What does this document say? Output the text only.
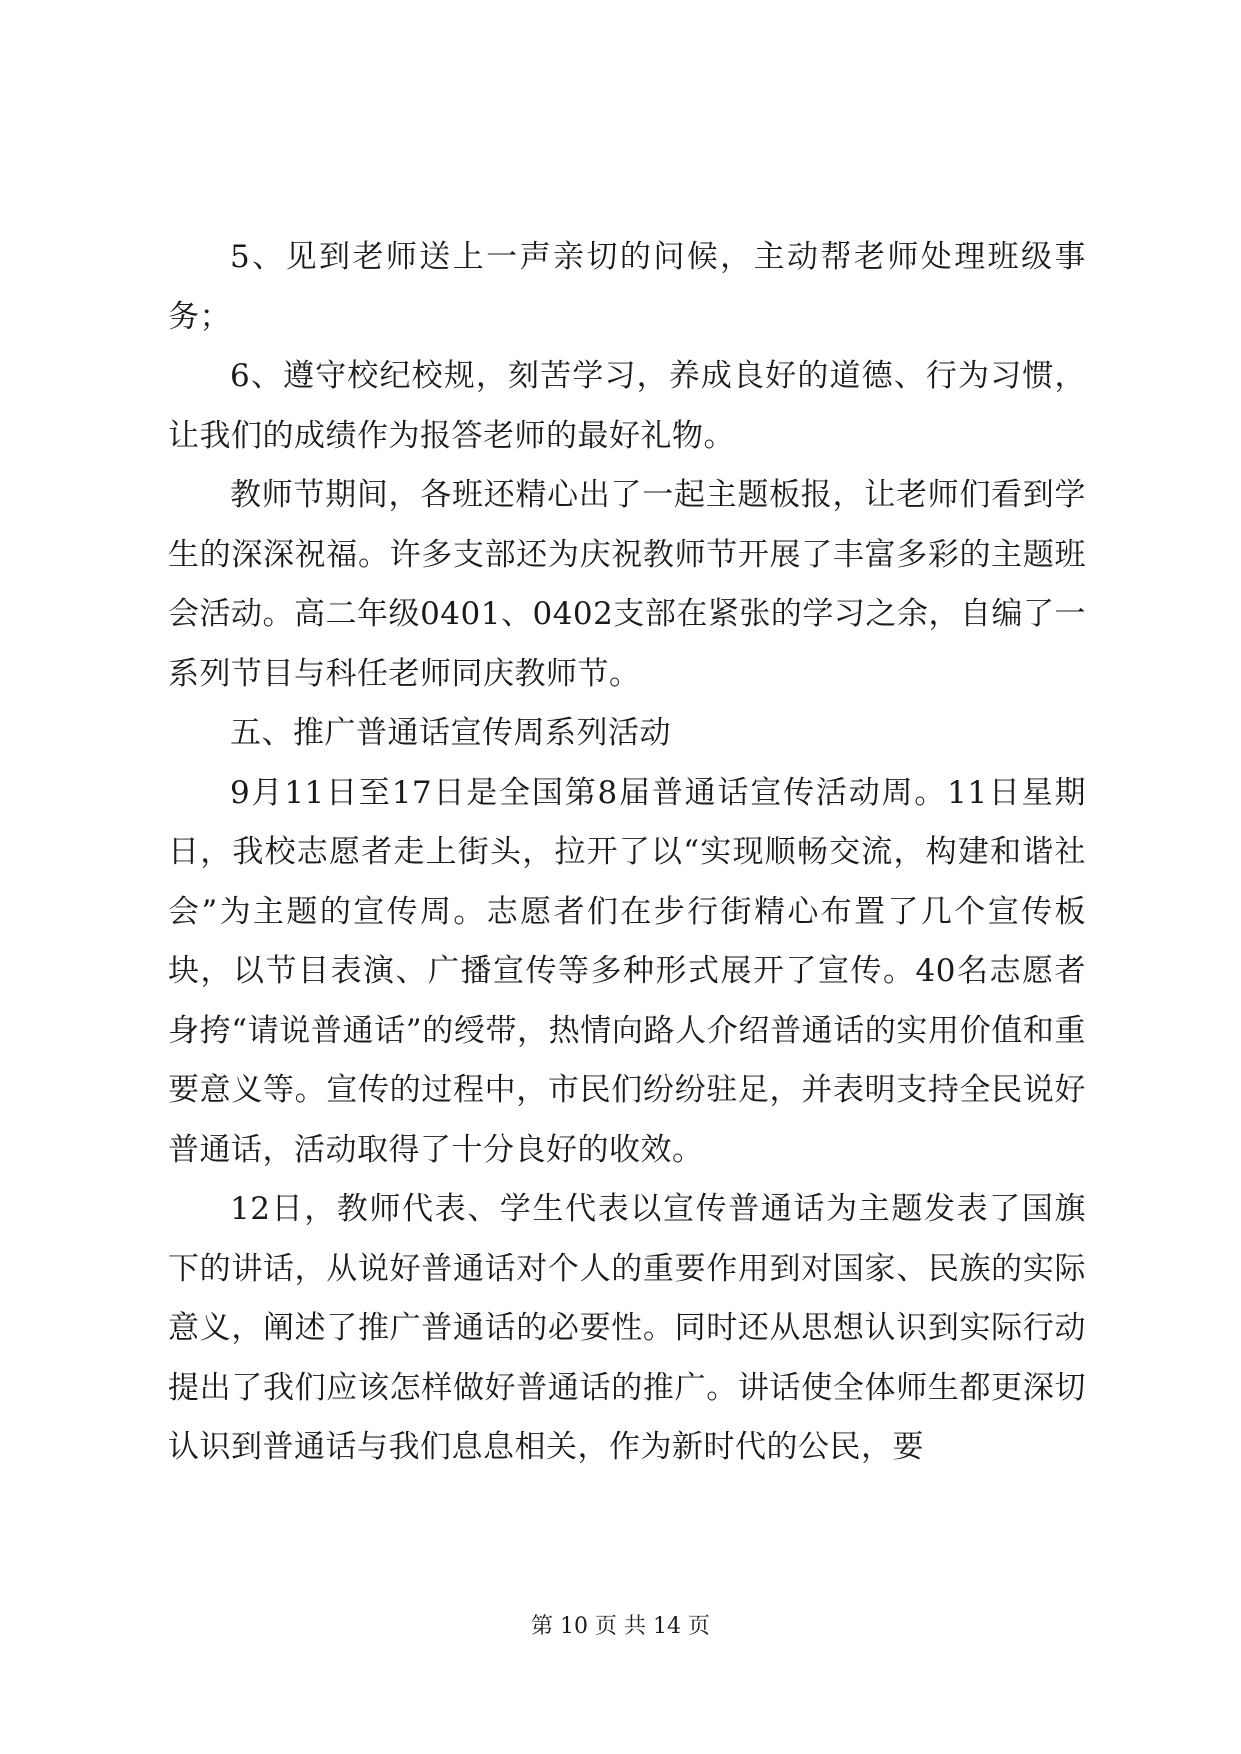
5、见到老师送上一声亲切的问候，主动帮老师处理班级事务；

6、遵守校纪校规，刻苦学习，养成良好的道德、行为习惯，让我们的成绩作为报答老师的最好礼物。

教师节期间，各班还精心出了一起主题板报，让老师们看到学生的深深祝福。许多支部还为庆祝教师节开展了丰富多彩的主题班会活动。高二年级0401、0402支部在紧张的学习之余，自编了一系列节目与科任老师同庆教师节。

五、推广普通话宣传周系列活动

9月11日至17日是全国第8届普通话宣传活动周。11日星期日，我校志愿者走上街头，拉开了以“实现顺畅交流，构建和谐社会”为主题的宣传周。志愿者们在步行街精心布置了几个宣传板块，以节目表演、广播宣传等多种形式展开了宣传。40名志愿者身挎“请说普通话”的绶带，热情向路人介绍普通话的实用价值和重要意义等。宣传的过程中，市民们纷纷驻足，并表明支持全民说好普通话，活动取得了十分良好的收效。

12日，教师代表、学生代表以宣传普通话为主题发表了国旗下的讲话，从说好普通话对个人的重要作用到对国家、民族的实际意义，阐述了推广普通话的必要性。同时还从思想认识到实际行动提出了我们应该怎样做好普通话的推广。讲话使全体师生都更深切认识到普通话与我们息息相关，作为新时代的公民，要

第 10 页 共 14 页
